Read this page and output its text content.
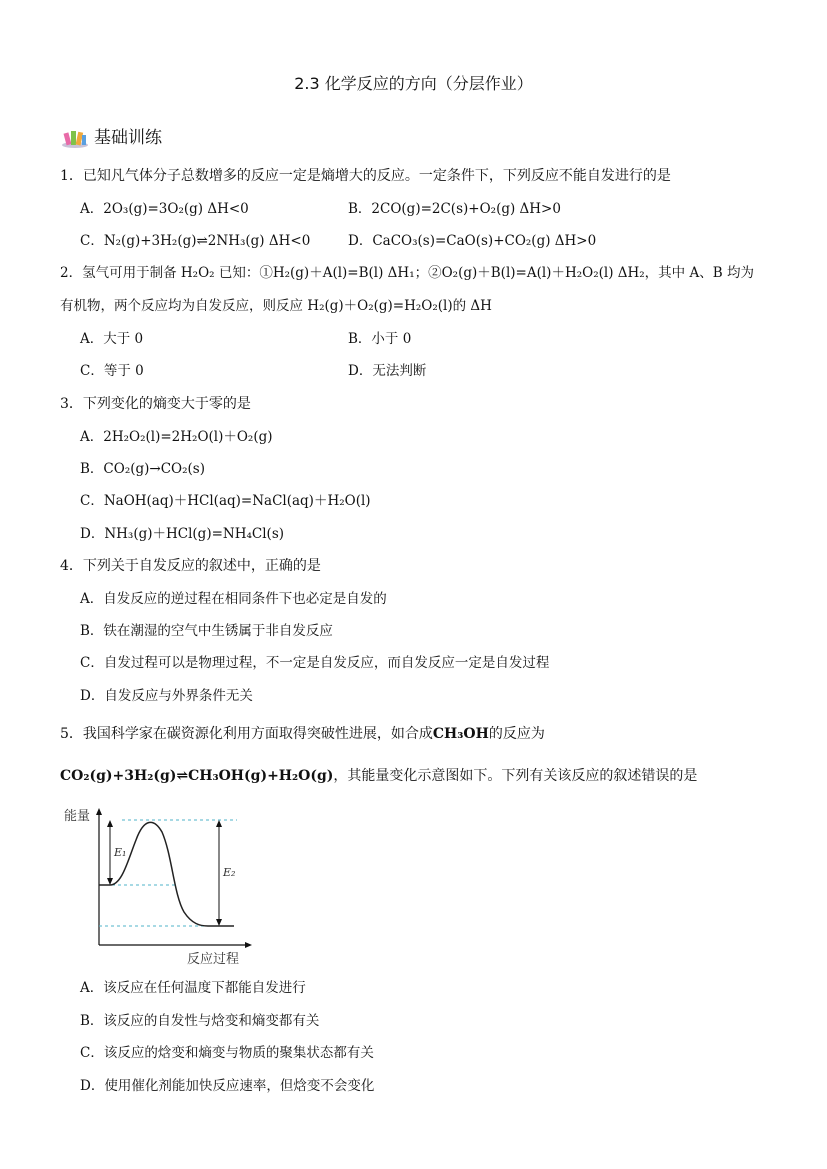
2.3 化学反应的方向（分层作业）
基础训练
1．已知凡气体分子总数增多的反应一定是熵增大的反应。一定条件下，下列反应不能自发进行的是
A．2O₃(g)=3O₂(g) ΔH<0	B．2CO(g)=2C(s)+O₂(g) ΔH>0
C．N₂(g)+3H₂(g)⇌2NH₃(g) ΔH<0	D．CaCO₃(s)=CaO(s)+CO₂(g) ΔH>0
2．氢气可用于制备 H₂O₂ 已知：①H₂(g)＋A(l)=B(l) ΔH₁；②O₂(g)＋B(l)=A(l)＋H₂O₂(l) ΔH₂，其中 A、B 均为
有机物，两个反应均为自发反应，则反应 H₂(g)＋O₂(g)=H₂O₂(l)的 ΔH
A．大于 0	B．小于 0
C．等于 0	D．无法判断
3．下列变化的熵变大于零的是
A．2H₂O₂(l)=2H₂O(l)＋O₂(g)
B．CO₂(g)→CO₂(s)
C．NaOH(aq)＋HCl(aq)=NaCl(aq)＋H₂O(l)
D．NH₃(g)＋HCl(g)=NH₄Cl(s)
4．下列关于自发反应的叙述中，正确的是
A．自发反应的逆过程在相同条件下也必定是自发的
B．铁在潮湿的空气中生锈属于非自发反应
C．自发过程可以是物理过程，不一定是自发反应，而自发反应一定是自发过程
D．自发反应与外界条件无关
5．我国科学家在碳资源化利用方面取得突破性进展，如合成CH₃OH的反应为
CO₂(g)+3H₂(g)⇌CH₃OH(g)+H₂O(g)，其能量变化示意图如下。下列有关该反应的叙述错误的是
能量
E₁
E₂
反应过程
A．该反应在任何温度下都能自发进行
B．该反应的自发性与焓变和熵变都有关
C．该反应的焓变和熵变与物质的聚集状态都有关
D．使用催化剂能加快反应速率，但焓变不会变化
